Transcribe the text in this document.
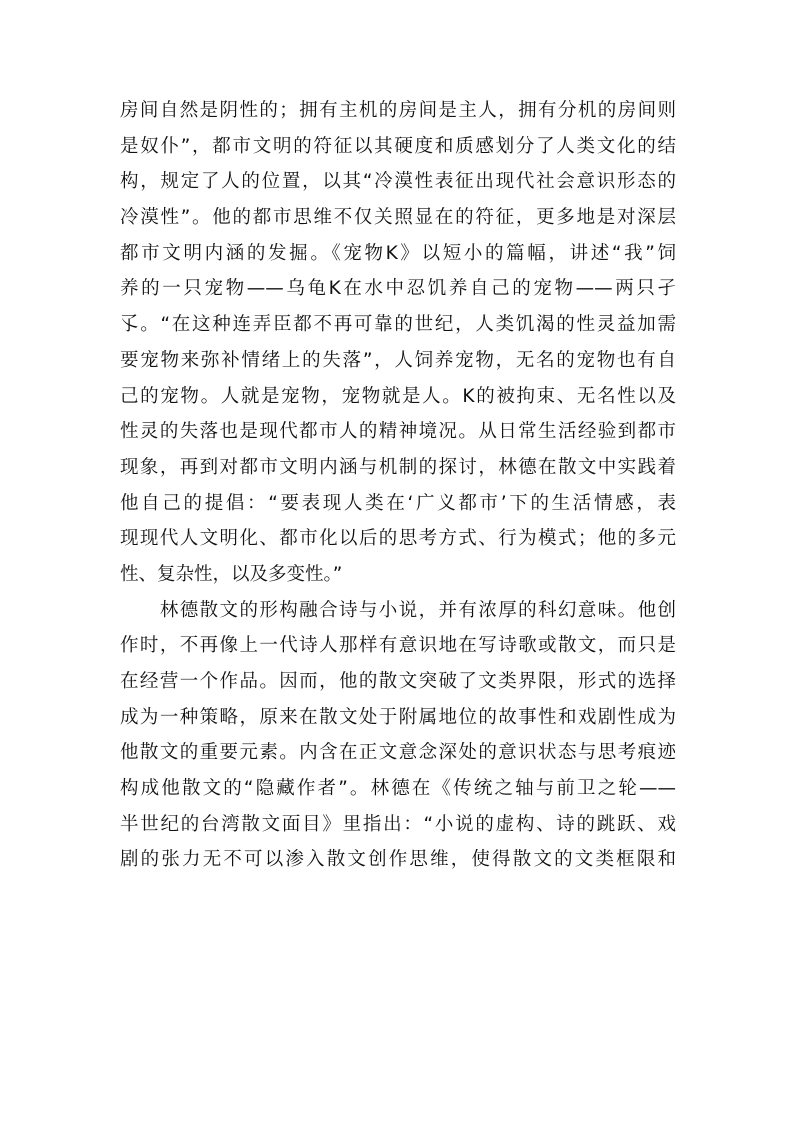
房间自然是阴性的；拥有主机的房间是主人，拥有分机的房间则
是奴仆”，都市文明的符征以其硬度和质感划分了人类文化的结
构，规定了人的位置，以其“冷漠性表征出现代社会意识形态的
冷漠性”。他的都市思维不仅关照显在的符征，更多地是对深层
都市文明内涵的发掘。《宠物K》以短小的篇幅，讲述“我”饲
养的一只宠物——乌龟K在水中忍饥养自己的宠物——两只孑
孓。“在这种连弄臣都不再可靠的世纪，人类饥渴的性灵益加需
要宠物来弥补情绪上的失落”，人饲养宠物，无名的宠物也有自
己的宠物。人就是宠物，宠物就是人。K的被拘束、无名性以及
性灵的失落也是现代都市人的精神境况。从日常生活经验到都市
现象，再到对都市文明内涵与机制的探讨，林德在散文中实践着
他自己的提倡：“要表现人类在‘广义都市’下的生活情感，表
现现代人文明化、都市化以后的思考方式、行为模式；他的多元
性、复杂性，以及多变性。”
　　林德散文的形构融合诗与小说，并有浓厚的科幻意味。他创
作时，不再像上一代诗人那样有意识地在写诗歌或散文，而只是
在经营一个作品。因而，他的散文突破了文类界限，形式的选择
成为一种策略，原来在散文处于附属地位的故事性和戏剧性成为
他散文的重要元素。内含在正文意念深处的意识状态与思考痕迹
构成他散文的“隐藏作者”。林德在《传统之轴与前卫之轮——
半世纪的台湾散文面目》里指出：“小说的虚构、诗的跳跃、戏
剧的张力无不可以渗入散文创作思维，使得散文的文类框限和
